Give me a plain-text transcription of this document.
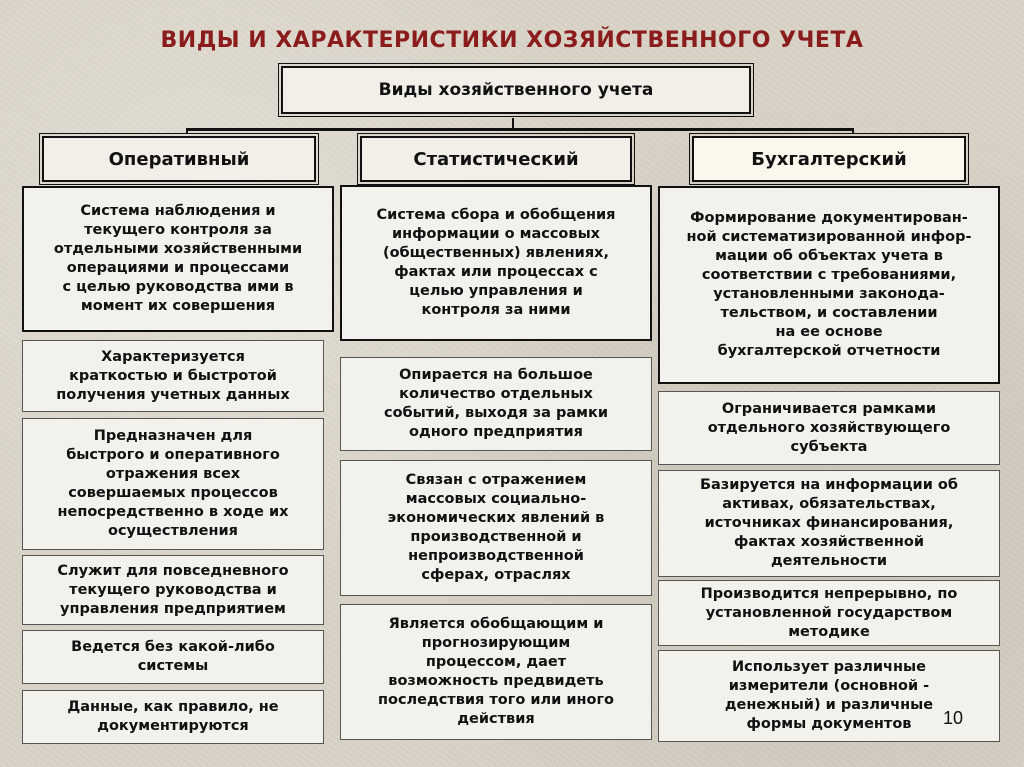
ВИДЫ И ХАРАКТЕРИСТИКИ ХОЗЯЙСТВЕННОГО УЧЕТА
Виды хозяйственного учета
Оперативный	Статистический	Бухгалтерский
Система наблюдения и
текущего контроля за
отдельными хозяйственными
операциями и процессами
с целью руководства ими в
момент их совершения
Характеризуется
краткостью и быстротой
получения учетных данных
Предназначен для
быстрого и оперативного
отражения всех
совершаемых процессов
непосредственно в ходе их
осуществления
Служит для повседневного
текущего руководства и
управления предприятием
Ведется без какой-либо
системы
Данные, как правило, не
документируются
Система сбора и обобщения
информации о массовых
(общественных) явлениях,
фактах или процессах с
целью управления и
контроля за ними
Опирается на большое
количество отдельных
событий, выходя за рамки
одного предприятия
Связан с отражением
массовых социально-
экономических явлений в
производственной и
непроизводственной
сферах, отраслях
Является обобщающим и
прогнозирующим
процессом, дает
возможность предвидеть
последствия того или иного
действия
Формирование документирован-
ной систематизированной инфор-
мации об объектах учета в
соответствии с требованиями,
установленными законода-
тельством, и составлении
на ее основе
бухгалтерской отчетности
Ограничивается рамками
отдельного хозяйствующего
субъекта
Базируется на информации об
активах, обязательствах,
источниках финансирования,
фактах хозяйственной
деятельности
Производится непрерывно, по
установленной государством
методике
Использует различные
измерители (основной -
денежный) и различные
формы документов	10
